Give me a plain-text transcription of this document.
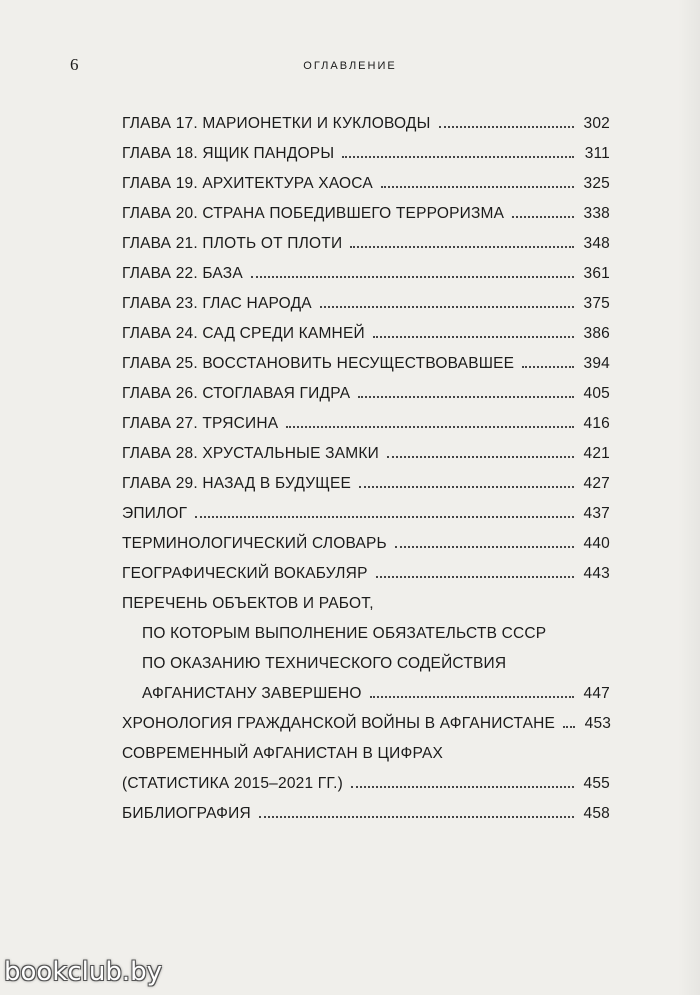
6	ОГЛАВЛЕНИЕ
ГЛАВА 17. МАРИОНЕТКИ И КУКЛОВОДЫ	302
ГЛАВА 18. ЯЩИК ПАНДОРЫ	311
ГЛАВА 19. АРХИТЕКТУРА ХАОСА	325
ГЛАВА 20. СТРАНА ПОБЕДИВШЕГО ТЕРРОРИЗМА	338
ГЛАВА 21. ПЛОТЬ ОТ ПЛОТИ	348
ГЛАВА 22. БАЗА	361
ГЛАВА 23. ГЛАС НАРОДА	375
ГЛАВА 24. САД СРЕДИ КАМНЕЙ	386
ГЛАВА 25. ВОССТАНОВИТЬ НЕСУЩЕСТВОВАВШЕЕ	394
ГЛАВА 26. СТОГЛАВАЯ ГИДРА	405
ГЛАВА 27. ТРЯСИНА	416
ГЛАВА 28. ХРУСТАЛЬНЫЕ ЗАМКИ	421
ГЛАВА 29. НАЗАД В БУДУЩЕЕ	427
ЭПИЛОГ	437
ТЕРМИНОЛОГИЧЕСКИЙ СЛОВАРЬ	440
ГЕОГРАФИЧЕСКИЙ ВОКАБУЛЯР	443
ПЕРЕЧЕНЬ ОБЪЕКТОВ И РАБОТ,
ПО КОТОРЫМ ВЫПОЛНЕНИЕ ОБЯЗАТЕЛЬСТВ СССР
ПО ОКАЗАНИЮ ТЕХНИЧЕСКОГО СОДЕЙСТВИЯ
АФГАНИСТАНУ ЗАВЕРШЕНО	447
ХРОНОЛОГИЯ ГРАЖДАНСКОЙ ВОЙНЫ В АФГАНИСТАНЕ 453
СОВРЕМЕННЫЙ АФГАНИСТАН В ЦИФРАХ
(СТАТИСТИКА 2015–2021 ГГ.)	455
БИБЛИОГРАФИЯ	458
bookclub.by
